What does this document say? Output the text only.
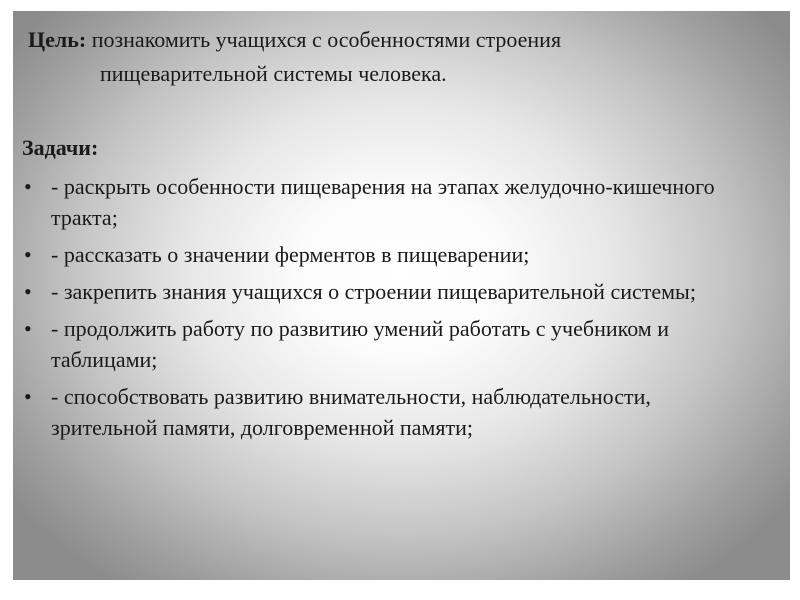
Цель: познакомить учащихся с особенностями строения
пищеварительной системы человека.
Задачи:
• - раскрыть особенности пищеварения на этапах желудочно-кишечного тракта;
• - рассказать о значении ферментов в пищеварении;
• - закрепить знания учащихся о строении пищеварительной системы;
• - продолжить работу по развитию умений работать с учебником и таблицами;
• - способствовать развитию внимательности, наблюдательности, зрительной памяти, долговременной памяти;
